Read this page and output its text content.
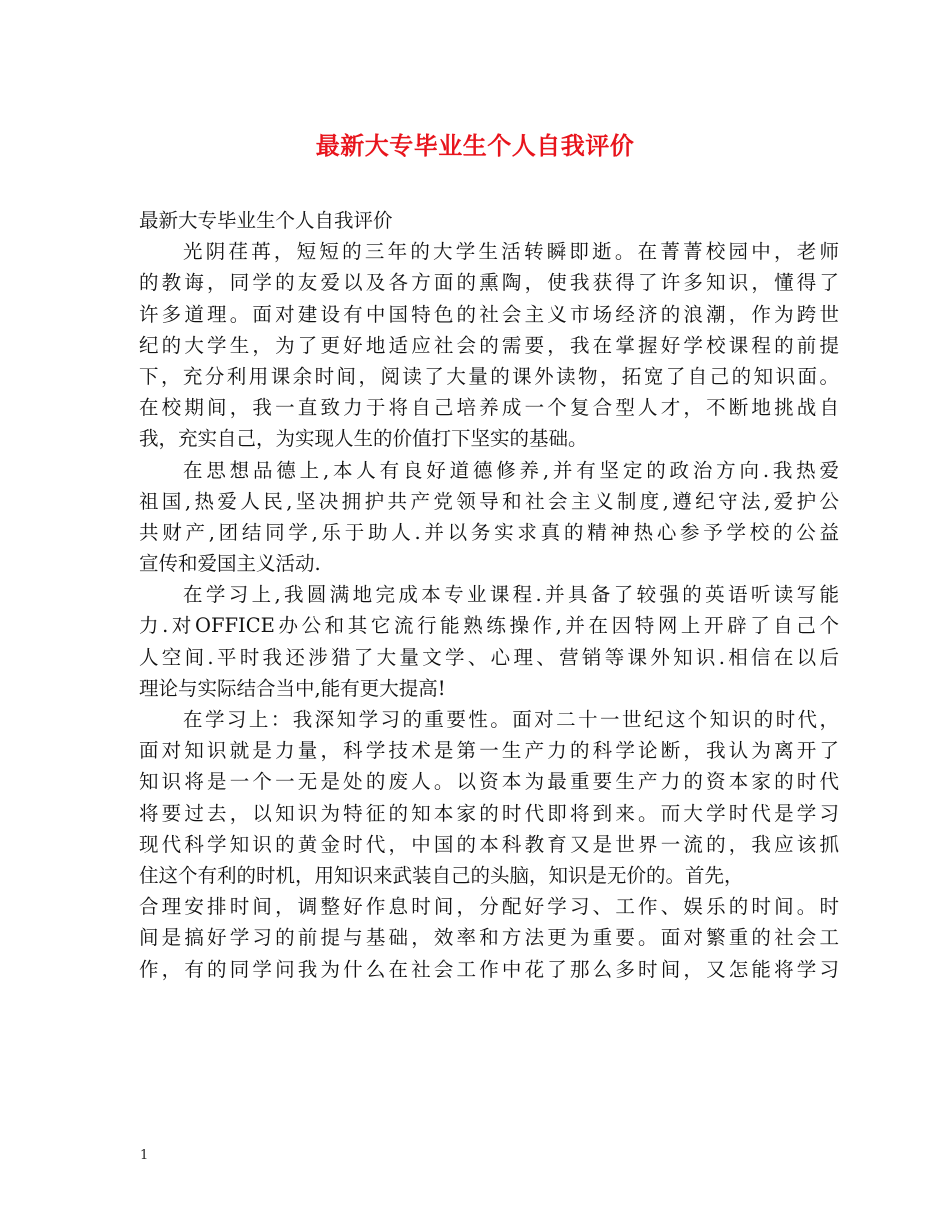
最新大专毕业生个人自我评价
最新大专毕业生个人自我评价
光阴荏苒，短短的三年的大学生活转瞬即逝。在菁菁校园中，老师
的教诲，同学的友爱以及各方面的熏陶，使我获得了许多知识，懂得了
许多道理。面对建设有中国特色的社会主义市场经济的浪潮，作为跨世
纪的大学生，为了更好地适应社会的需要，我在掌握好学校课程的前提
下，充分利用课余时间，阅读了大量的课外读物，拓宽了自己的知识面。
在校期间，我一直致力于将自己培养成一个复合型人才，不断地挑战自
我，充实自己，为实现人生的价值打下坚实的基础。
在思想品德上,本人有良好道德修养,并有坚定的政治方向.我热爱
祖国,热爱人民,坚决拥护共产党领导和社会主义制度,遵纪守法,爱护公
共财产,团结同学,乐于助人.并以务实求真的精神热心参予学校的公益
宣传和爱国主义活动.
在学习上,我圆满地完成本专业课程.并具备了较强的英语听读写能
力.对OFFICE办公和其它流行能熟练操作,并在因特网上开辟了自己个
人空间.平时我还涉猎了大量文学、心理、营销等课外知识.相信在以后
理论与实际结合当中,能有更大提高!
在学习上：我深知学习的重要性。面对二十一世纪这个知识的时代，
面对知识就是力量，科学技术是第一生产力的科学论断，我认为离开了
知识将是一个一无是处的废人。以资本为最重要生产力的资本家的时代
将要过去，以知识为特征的知本家的时代即将到来。而大学时代是学习
现代科学知识的黄金时代，中国的本科教育又是世界一流的，我应该抓
住这个有利的时机，用知识来武装自己的头脑，知识是无价的。首先，
合理安排时间，调整好作息时间，分配好学习、工作、娱乐的时间。时
间是搞好学习的前提与基础，效率和方法更为重要。面对繁重的社会工
作，有的同学问我为什么在社会工作中花了那么多时间，又怎能将学习
1
